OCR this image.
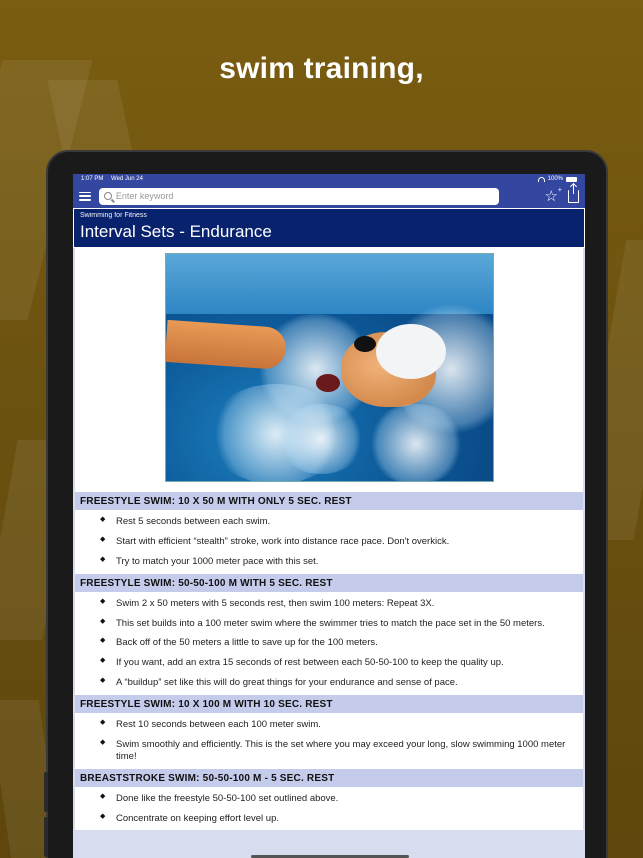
swim training,
1:07 PM Wed Jun 24	100%
Enter keyword
☆ +
Swimming for Fitness
Interval Sets - Endurance
FREESTYLE SWIM: 10 X 50 M WITH ONLY 5 SEC. REST
◆ Rest 5 seconds between each swim.
◆ Start with efficient “stealth” stroke, work into distance race pace. Don't overkick.
◆ Try to match your 1000 meter pace with this set.
FREESTYLE SWIM: 50-50-100 M WITH 5 SEC. REST
◆ Swim 2 x 50 meters with 5 seconds rest, then swim 100 meters: Repeat 3X.
◆ This set builds into a 100 meter swim where the swimmer tries to match the pace set in the 50 meters.
◆ Back off of the 50 meters a little to save up for the 100 meters.
◆ If you want, add an extra 15 seconds of rest between each 50-50-100 to keep the quality up.
◆ A “buildup” set like this will do great things for your endurance and sense of pace.
FREESTYLE SWIM: 10 X 100 M WITH 10 SEC. REST
◆ Rest 10 seconds between each 100 meter swim.
◆ Swim smoothly and efficiently. This is the set where you may exceed your long, slow swimming 1000 meter time!
BREASTSTROKE SWIM: 50-50-100 M - 5 SEC. REST
◆ Done like the freestyle 50-50-100 set outlined above.
◆ Concentrate on keeping effort level up.
